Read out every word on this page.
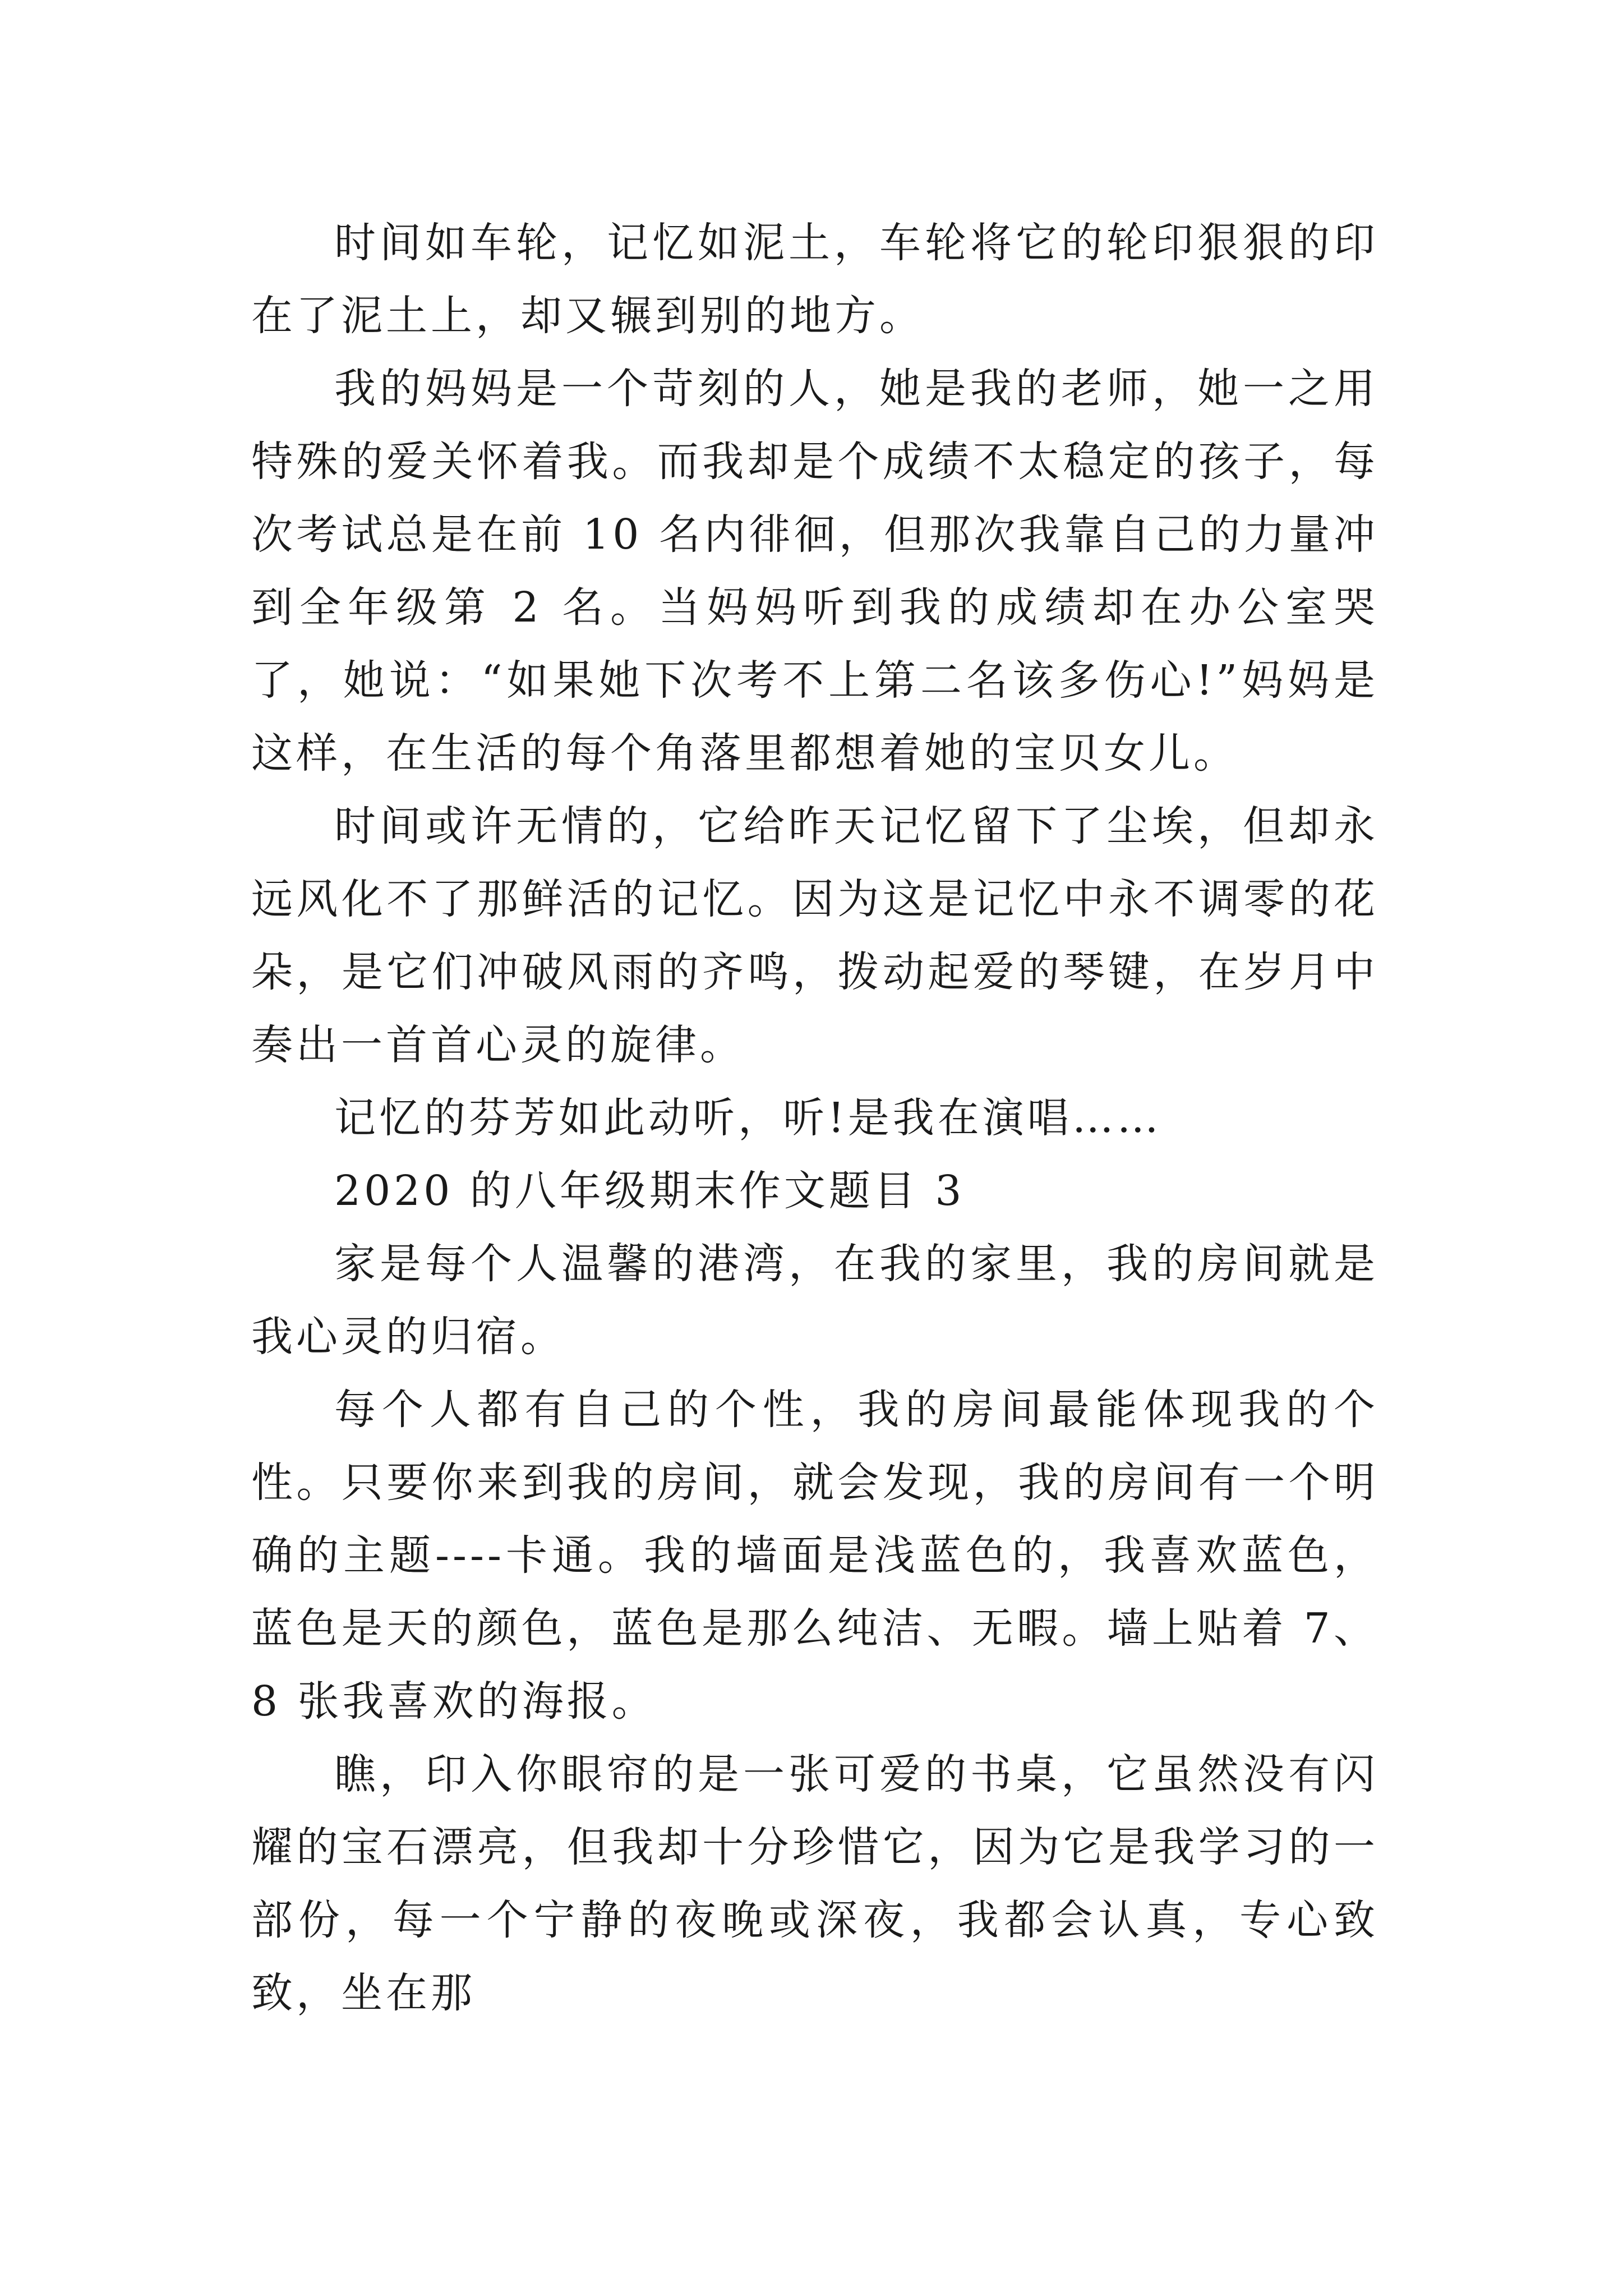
时间如车轮，记忆如泥土，车轮将它的轮印狠狠的印在了泥土上，却又辗到别的地方。

我的妈妈是一个苛刻的人，她是我的老师，她一之用特殊的爱关怀着我。而我却是个成绩不太稳定的孩子，每次考试总是在前 10 名内徘徊，但那次我靠自己的力量冲到全年级第 2 名。当妈妈听到我的成绩却在办公室哭了，她说：“如果她下次考不上第二名该多伤心!”妈妈是这样，在生活的每个角落里都想着她的宝贝女儿。

时间或许无情的，它给昨天记忆留下了尘埃，但却永远风化不了那鲜活的记忆。因为这是记忆中永不调零的花朵，是它们冲破风雨的齐鸣，拨动起爱的琴键，在岁月中奏出一首首心灵的旋律。

记忆的芬芳如此动听，听!是我在演唱……

2020 的八年级期末作文题目 3

家是每个人温馨的港湾，在我的家里，我的房间就是我心灵的归宿。

每个人都有自己的个性，我的房间最能体现我的个性。只要你来到我的房间，就会发现，我的房间有一个明确的主题----卡通。我的墙面是浅蓝色的，我喜欢蓝色，蓝色是天的颜色，蓝色是那么纯洁、无暇。墙上贴着 7、8 张我喜欢的海报。

瞧，印入你眼帘的是一张可爱的书桌，它虽然没有闪耀的宝石漂亮，但我却十分珍惜它，因为它是我学习的一部份，每一个宁静的夜晚或深夜，我都会认真，专心致致，坐在那
